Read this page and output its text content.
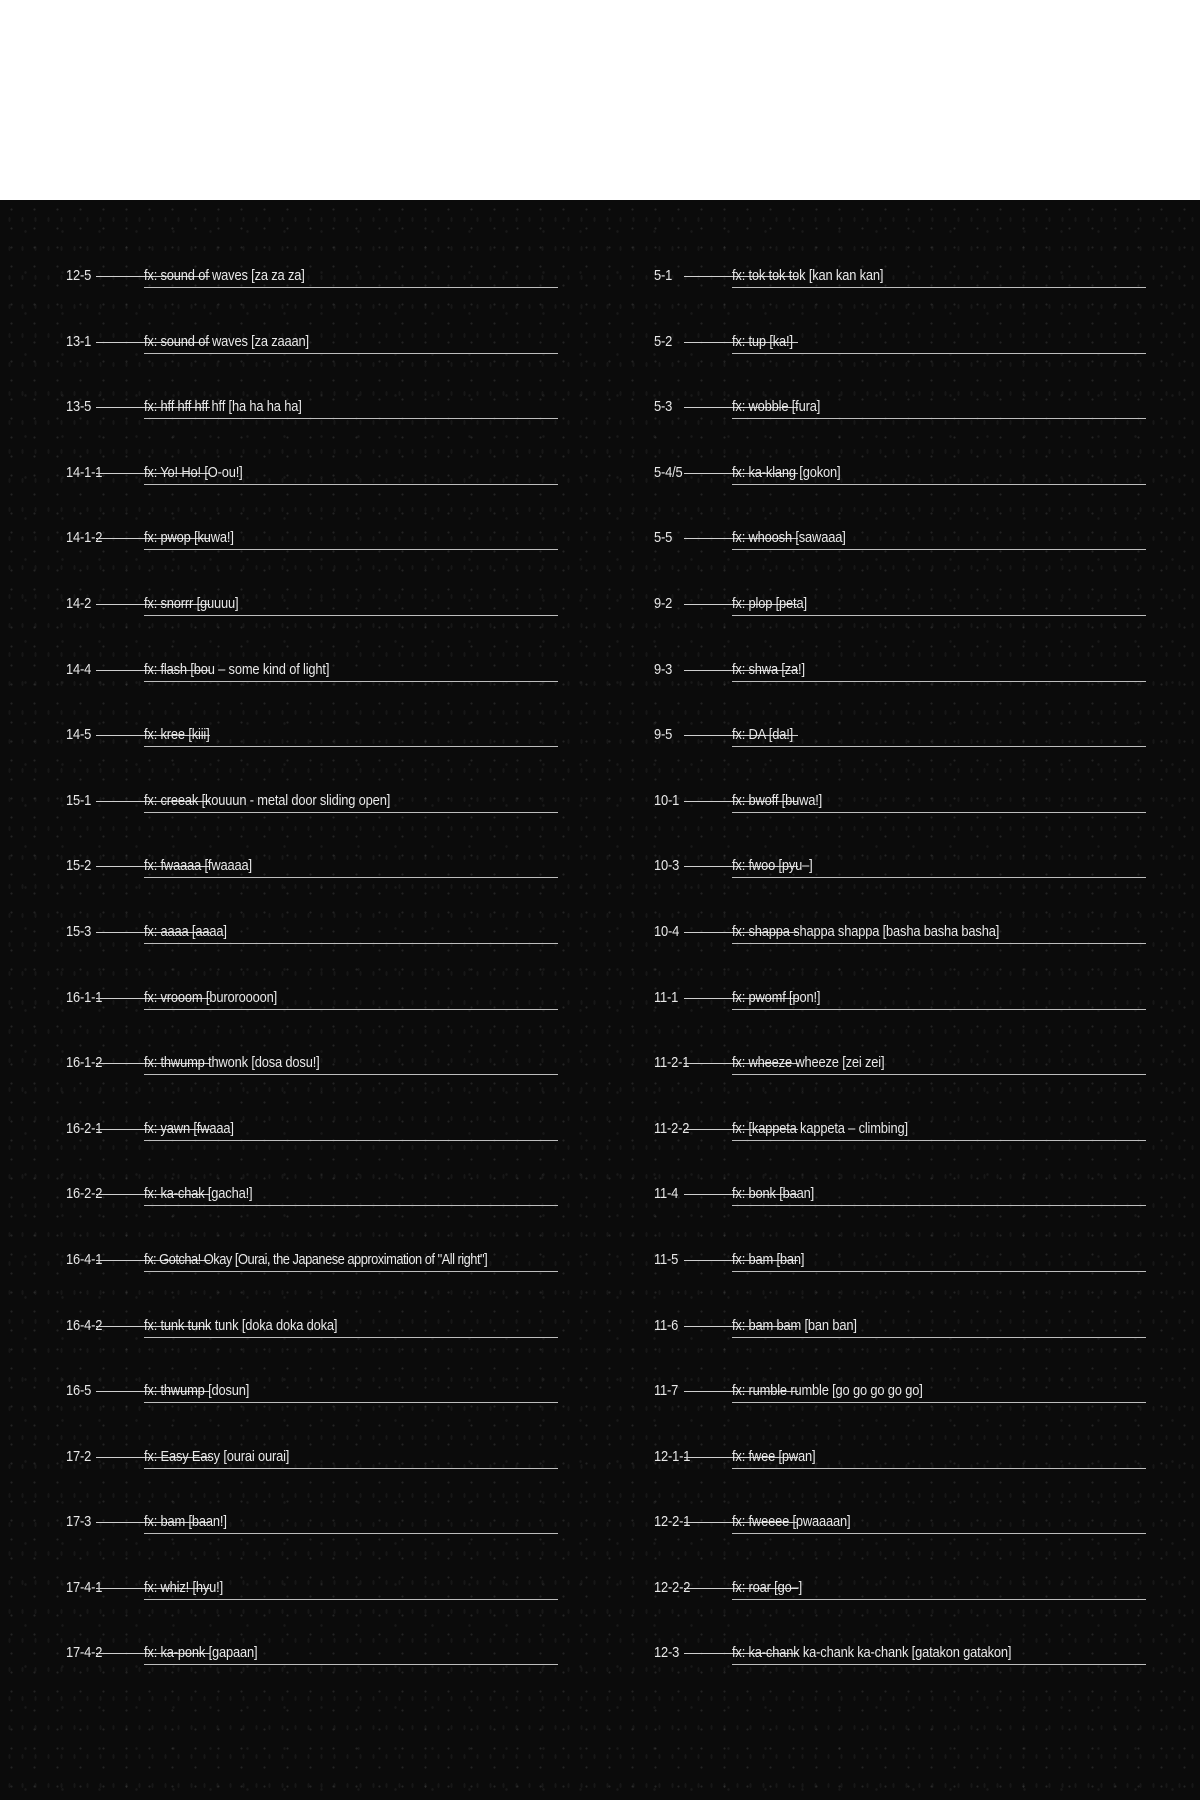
12-5	fx: sound of waves [za za za]
13-1	fx: sound of waves [za zaaan]
13-5	fx: hff hff hff hff [ha ha ha ha]
14-1-1	fx: Yo! Ho! [O-ou!]
14-1-2	fx: pwop [kuwa!]
14-2	fx: snorrr [guuuu]
14-4	fx: flash [bou – some kind of light]
14-5	fx: kree [kiii]
15-1	fx: creeak [kouuun - metal door sliding open]
15-2	fx: fwaaaa [fwaaaa]
15-3	fx: aaaa [aaaa]
16-1-1	fx: vrooom [buroroooon]
16-1-2	fx: thwump thwonk [dosa dosu!]
16-2-1	fx: yawn [fwaaa]
16-2-2	fx: ka-chak [gacha!]
16-4-1	fx: Gotcha! Okay [Ourai, the Japanese approximation of "All right"]
16-4-2	fx: tunk tunk tunk [doka doka doka]
16-5	fx: thwump [dosun]
17-2	fx: Easy Easy [ourai ourai]
17-3	fx: bam [baan!]
17-4-1	fx: whiz! [hyu!]
17-4-2	fx: ka-ponk [gapaan]
5-1	fx: tok tok tok [kan kan kan]
5-2	fx: tup [ka!]
5-3	fx: wobble [fura]
5-4/5	fx: ka-klang [gokon]
5-5	fx: whoosh [sawaaa]
9-2	fx: plop [peta]
9-3	fx: shwa [za!]
9-5	fx: DA [da!]
10-1	fx: bwoff [buwa!]
10-3	fx: fwoo [pyu–]
10-4	fx: shappa shappa shappa [basha basha basha]
11-1	fx: pwomf [pon!]
11-2-1	fx: wheeze wheeze [zei zei]
11-2-2	fx: [kappeta kappeta – climbing]
11-4	fx: bonk [baan]
11-5	fx: bam [ban]
11-6	fx: bam bam [ban ban]
11-7	fx: rumble rumble [go go go go go]
12-1-1	fx: fwee [pwan]
12-2-1	fx: fweeee [pwaaaan]
12-2-2	fx: roar [go–]
12-3	fx: ka-chank ka-chank ka-chank [gatakon gatakon]
